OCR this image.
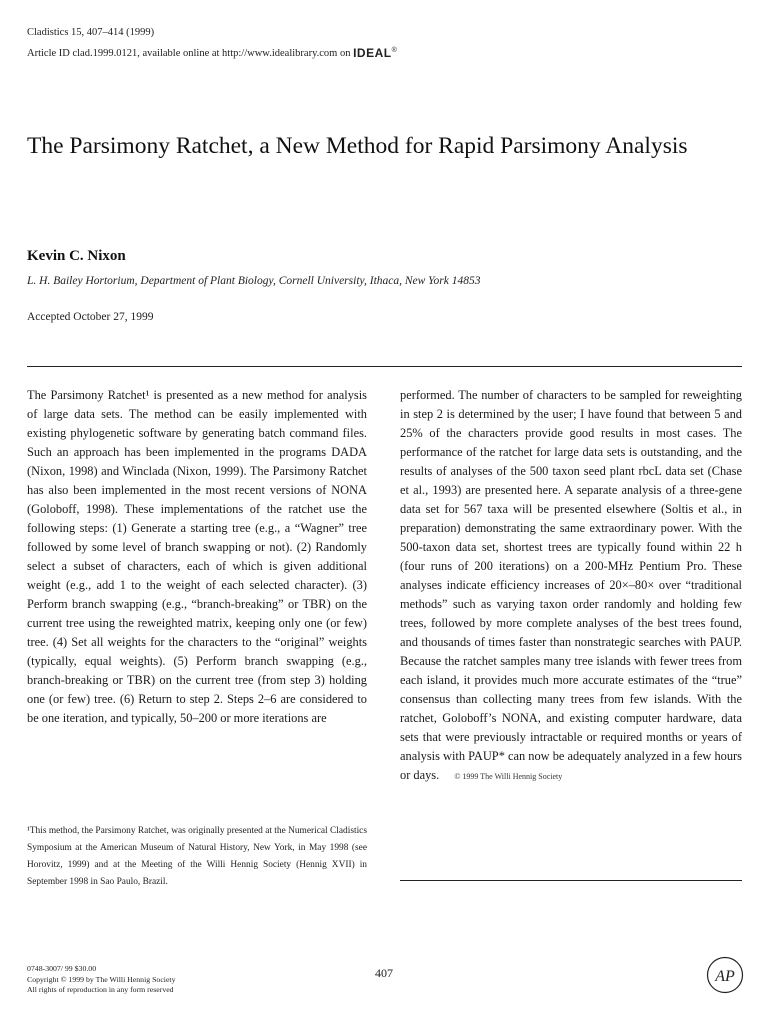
Cladistics 15, 407–414 (1999)
Article ID clad.1999.0121, available online at http://www.idealibrary.com on IDEAL®
The Parsimony Ratchet, a New Method for Rapid Parsimony Analysis
Kevin C. Nixon
L. H. Bailey Hortorium, Department of Plant Biology, Cornell University, Ithaca, New York 14853
Accepted October 27, 1999
The Parsimony Ratchet¹ is presented as a new method for analysis of large data sets. The method can be easily implemented with existing phylogenetic software by generating batch command files. Such an approach has been implemented in the programs DADA (Nixon, 1998) and Winclada (Nixon, 1999). The Parsimony Ratchet has also been implemented in the most recent versions of NONA (Goloboff, 1998). These implementations of the ratchet use the following steps: (1) Generate a starting tree (e.g., a “Wagner” tree followed by some level of branch swapping or not). (2) Randomly select a subset of characters, each of which is given additional weight (e.g., add 1 to the weight of each selected character). (3) Perform branch swapping (e.g., “branch-breaking” or TBR) on the current tree using the reweighted matrix, keeping only one (or few) tree. (4) Set all weights for the characters to the “original” weights (typically, equal weights). (5) Perform branch swapping (e.g., branch-breaking or TBR) on the current tree (from step 3) holding one (or few) tree. (6) Return to step 2. Steps 2–6 are considered to be one iteration, and typically, 50–200 or more iterations are
performed. The number of characters to be sampled for reweighting in step 2 is determined by the user; I have found that between 5 and 25% of the characters provide good results in most cases. The performance of the ratchet for large data sets is outstanding, and the results of analyses of the 500 taxon seed plant rbcL data set (Chase et al., 1993) are presented here. A separate analysis of a three-gene data set for 567 taxa will be presented elsewhere (Soltis et al., in preparation) demonstrating the same extraordinary power. With the 500-taxon data set, shortest trees are typically found within 22 h (four runs of 200 iterations) on a 200-MHz Pentium Pro. These analyses indicate efficiency increases of 20×–80× over “traditional methods” such as varying taxon order randomly and holding few trees, followed by more complete analyses of the best trees found, and thousands of times faster than nonstrategic searches with PAUP. Because the ratchet samples many tree islands with fewer trees from each island, it provides much more accurate estimates of the “true” consensus than collecting many trees from few islands. With the ratchet, Goloboff’s NONA, and existing computer hardware, data sets that were previously intractable or required months or years of analysis with PAUP* can now be adequately analyzed in a few hours or days. © 1999 The Willi Hennig Society
¹This method, the Parsimony Ratchet, was originally presented at the Numerical Cladistics Symposium at the American Museum of Natural History, New York, in May 1998 (see Horovitz, 1999) and at the Meeting of the Willi Hennig Society (Hennig XVII) in September 1998 in Sao Paulo, Brazil.
0748-3007/ 99 $30.00
Copyright © 1999 by The Willi Hennig Society
All rights of reproduction in any form reserved
407	AP
